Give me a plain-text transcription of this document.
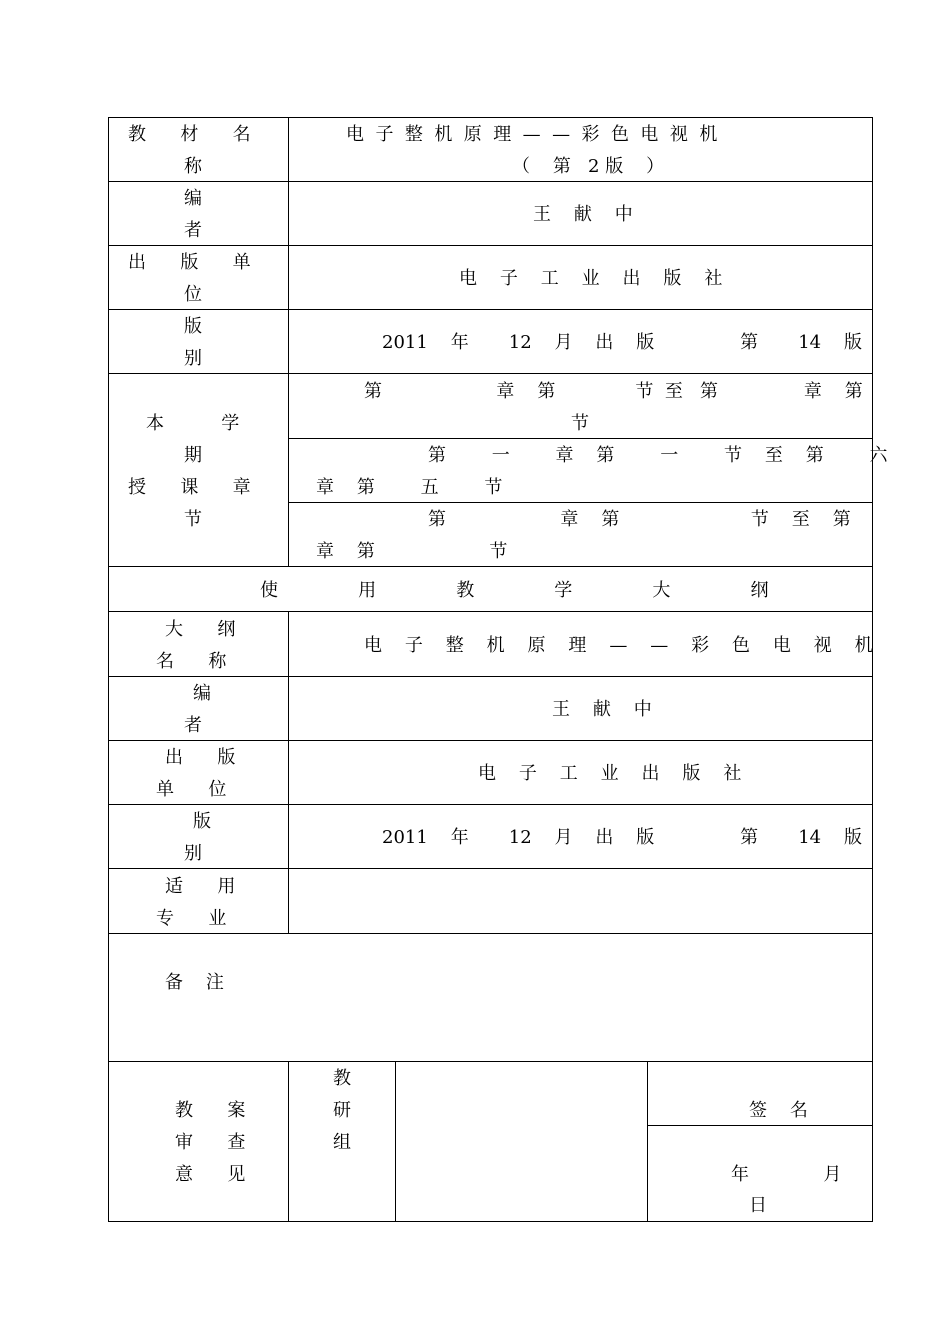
教      材      名
称
电  子  整  机  原  理  —  —  彩  色  电  视  机
（    第   2 版    ）
编
者
王    献    中
出      版      单
位
电    子    工    业    出    版    社
版
别
2011    年       12    月    出    版               第       14    版
本          学
期
授      课      章
节
第                    章    第              节  至   第               章    第
节
第        一        章    第        一        节    至    第        六
章    第        五        节
第                    章    第                       节    至    第
章    第                    节
使              用              教              学              大              纲
大      纲
名      称
电    子    整    机    原    理    —    —    彩    色    电    视    机
编
者
王    献    中
出      版
单      位
电    子    工    业    出    版    社
版
别
2011    年       12    月    出    版               第       14    版
适      用
专      业
备    注
教      案
审      查
意      见
教
研
组
签    名
年             月
日
